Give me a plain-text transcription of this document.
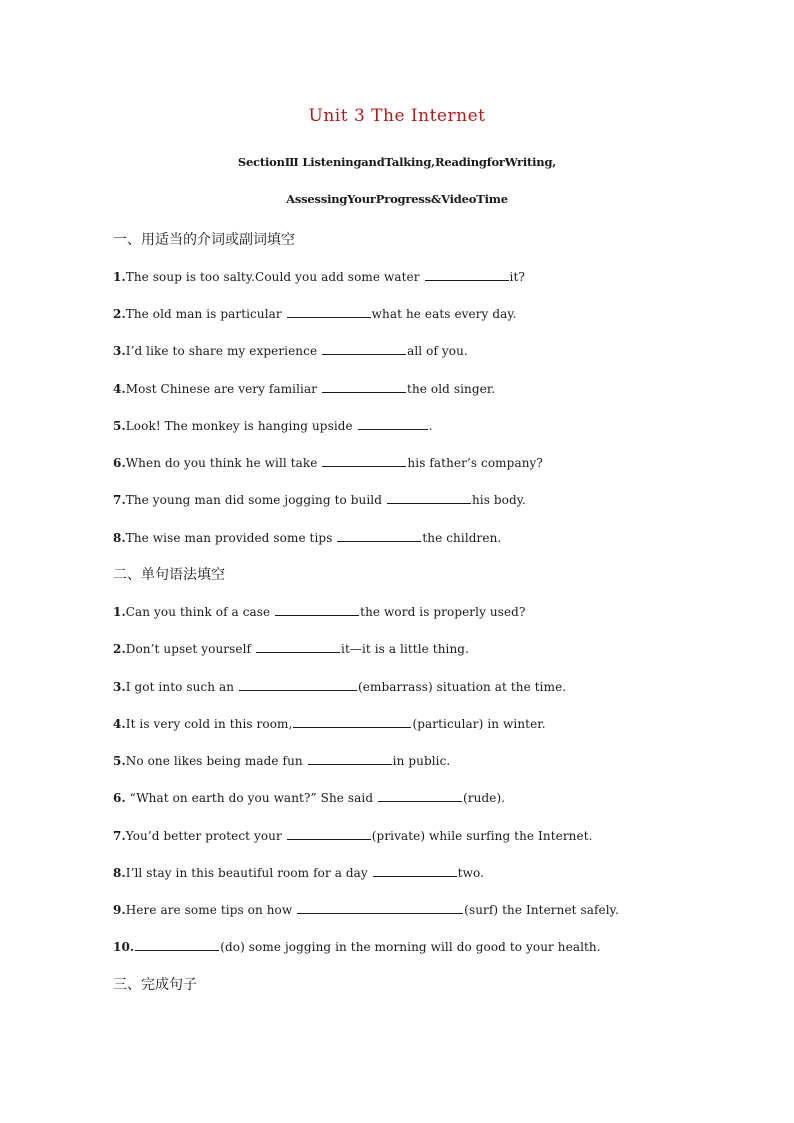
Unit 3 The Internet
SectionⅢ ListeningandTalking,ReadingforWriting,
AssessingYourProgress&VideoTime
一、用适当的介词或副词填空
1.The soup is too salty.Could you add some water	it?
2.The old man is particular	what he eats every day.
3.I’d like to share my experience	all of you.
4.Most Chinese are very familiar	the old singer.
5.Look! The monkey is hanging upside	.
6.When do you think he will take	his father’s company?
7.The young man did some jogging to build	his body.
8.The wise man provided some tips	the children.
二、单句语法填空
1.Can you think of a case	the word is properly used?
2.Don’t upset yourself	it—it is a little thing.
3.I got into such an	(embarrass) situation at the time.
4.It is very cold in this room,	(particular) in winter.
5.No one likes being made fun	in public.
6. “What on earth do you want?” She said	(rude).
7.You’d better protect your	(private) while surfing the Internet.
8.I’ll stay in this beautiful room for a day	two.
9.Here are some tips on how	(surf) the Internet safely.
10.	(do) some jogging in the morning will do good to your health.
三、完成句子
